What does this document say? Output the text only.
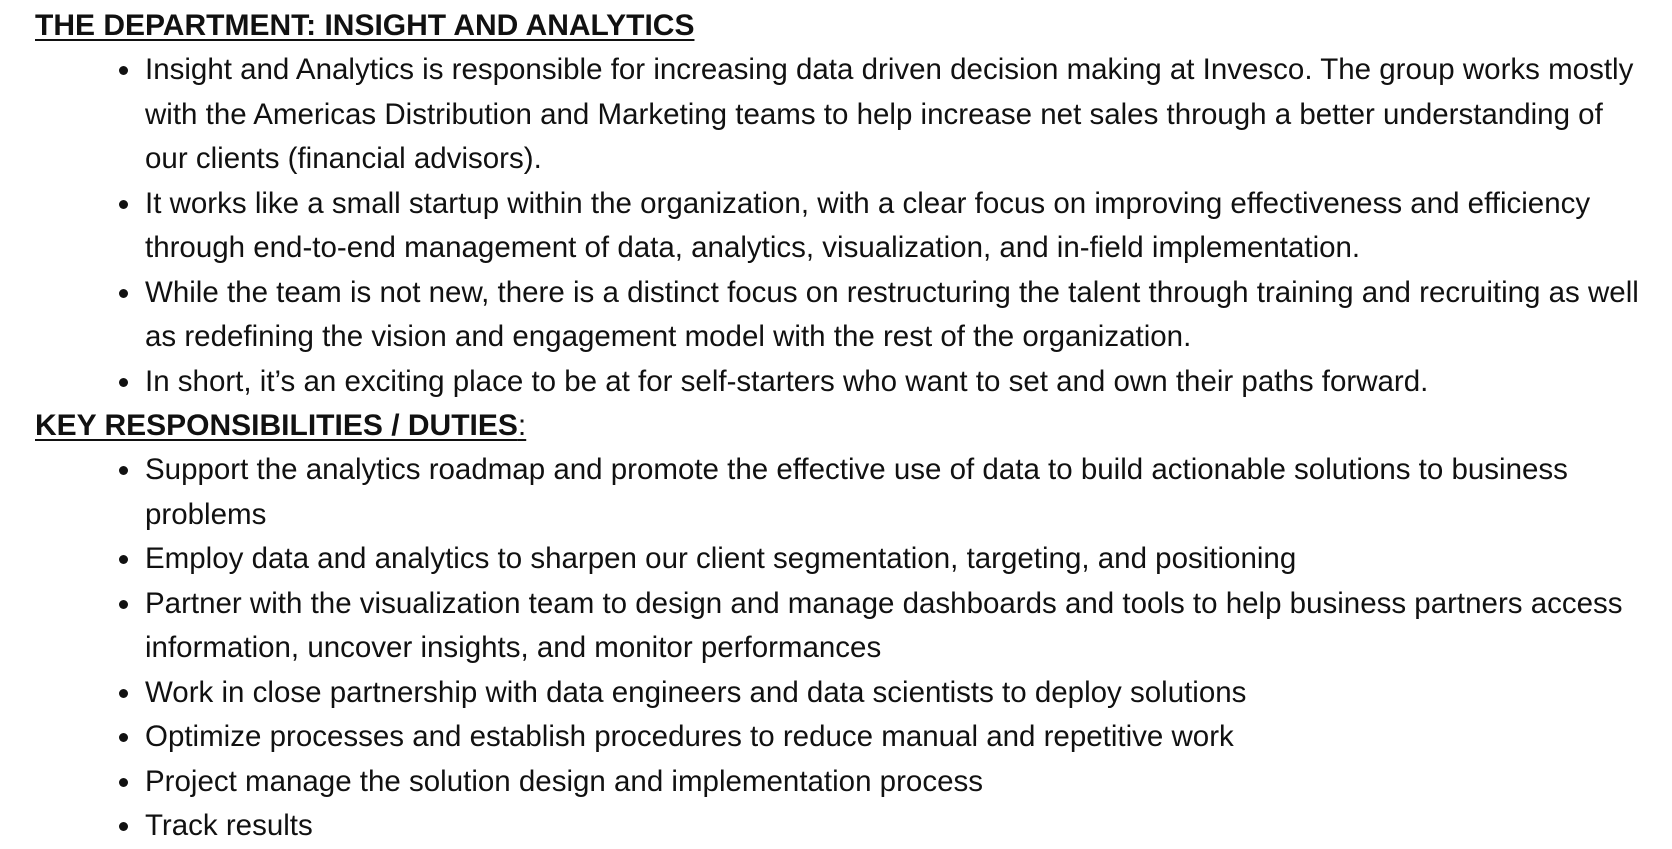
THE DEPARTMENT: INSIGHT AND ANALYTICS
Insight and Analytics is responsible for increasing data driven decision making at Invesco. The group works mostly with the Americas Distribution and Marketing teams to help increase net sales through a better understanding of our clients (financial advisors).
It works like a small startup within the organization, with a clear focus on improving effectiveness and efficiency through end-to-end management of data, analytics, visualization, and in-field implementation.
While the team is not new, there is a distinct focus on restructuring the talent through training and recruiting as well as redefining the vision and engagement model with the rest of the organization.
In short, it’s an exciting place to be at for self-starters who want to set and own their paths forward.
KEY RESPONSIBILITIES / DUTIES:
Support the analytics roadmap and promote the effective use of data to build actionable solutions to business problems
Employ data and analytics to sharpen our client segmentation, targeting, and positioning
Partner with the visualization team to design and manage dashboards and tools to help business partners access information, uncover insights, and monitor performances
Work in close partnership with data engineers and data scientists to deploy solutions
Optimize processes and establish procedures to reduce manual and repetitive work
Project manage the solution design and implementation process
Track results
